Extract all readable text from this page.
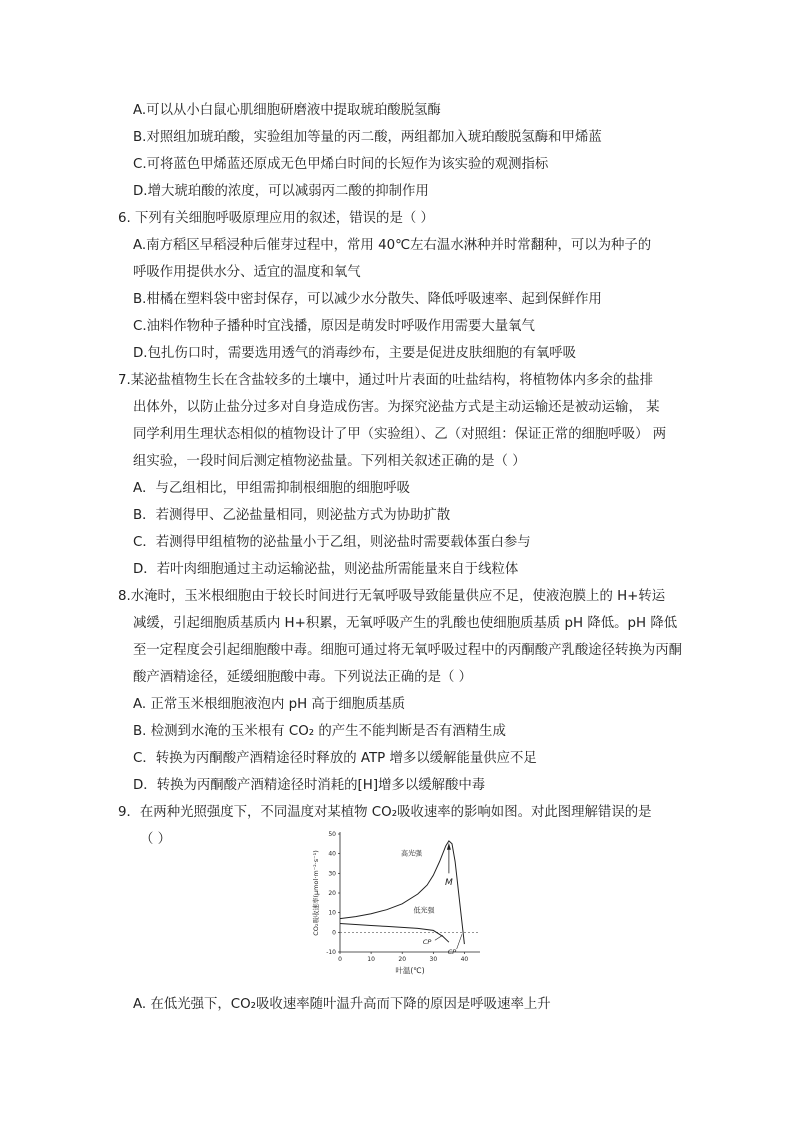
A.可以从小白鼠心肌细胞研磨液中提取琥珀酸脱氢酶
B.对照组加琥珀酸，实验组加等量的丙二酸，两组都加入琥珀酸脱氢酶和甲烯蓝
C.可将蓝色甲烯蓝还原成无色甲烯白时间的长短作为该实验的观测指标
D.增大琥珀酸的浓度，可以减弱丙二酸的抑制作用
6. 下列有关细胞呼吸原理应用的叙述，错误的是（ ）
A.南方稻区早稻浸种后催芽过程中，常用 40℃左右温水淋种并时常翻种，可以为种子的
呼吸作用提供水分、适宜的温度和氧气
B.柑橘在塑料袋中密封保存，可以减少水分散失、降低呼吸速率、起到保鲜作用
C.油料作物种子播种时宜浅播，原因是萌发时呼吸作用需要大量氧气
D.包扎伤口时，需要选用透气的消毒纱布，主要是促进皮肤细胞的有氧呼吸
7.某泌盐植物生长在含盐较多的土壤中，通过叶片表面的吐盐结构，将植物体内多余的盐排
出体外，以防止盐分过多对自身造成伤害。为探究泌盐方式是主动运输还是被动运输， 某
同学利用生理状态相似的植物设计了甲（实验组）、乙（对照组：保证正常的细胞呼吸） 两
组实验，一段时间后测定植物泌盐量。下列相关叙述正确的是（ ）
A．与乙组相比，甲组需抑制根细胞的细胞呼吸
B．若测得甲、乙泌盐量相同，则泌盐方式为协助扩散
C．若测得甲组植物的泌盐量小于乙组，则泌盐时需要载体蛋白参与
D．若叶肉细胞通过主动运输泌盐，则泌盐所需能量来自于线粒体
8.水淹时，玉米根细胞由于较长时间进行无氧呼吸导致能量供应不足，使液泡膜上的 H+转运
减缓，引起细胞质基质内 H+积累，无氧呼吸产生的乳酸也使细胞质基质 pH 降低。pH 降低
至一定程度会引起细胞酸中毒。细胞可通过将无氧呼吸过程中的丙酮酸产乳酸途径转换为丙酮
酸产酒精途径，延缓细胞酸中毒。下列说法正确的是（ ）
A. 正常玉米根细胞液泡内 pH 高于细胞质基质
B. 检测到水淹的玉米根有 CO₂ 的产生不能判断是否有酒精生成
C．转换为丙酮酸产酒精途径时释放的 ATP 增多以缓解能量供应不足
D．转换为丙酮酸产酒精途径时消耗的[H]增多以缓解酸中毒
9．在两种光照强度下，不同温度对某植物 CO₂吸收速率的影响如图。对此图理解错误的是
（ ）
-10
0
10
20
30
40
50
0	10	20	30	40
叶温(℃)
CO₂吸收速率(μmol·m⁻²·s⁻¹)	高光强
低光强
M
CP
CP
A. 在低光强下，CO₂吸收速率随叶温升高而下降的原因是呼吸速率上升
